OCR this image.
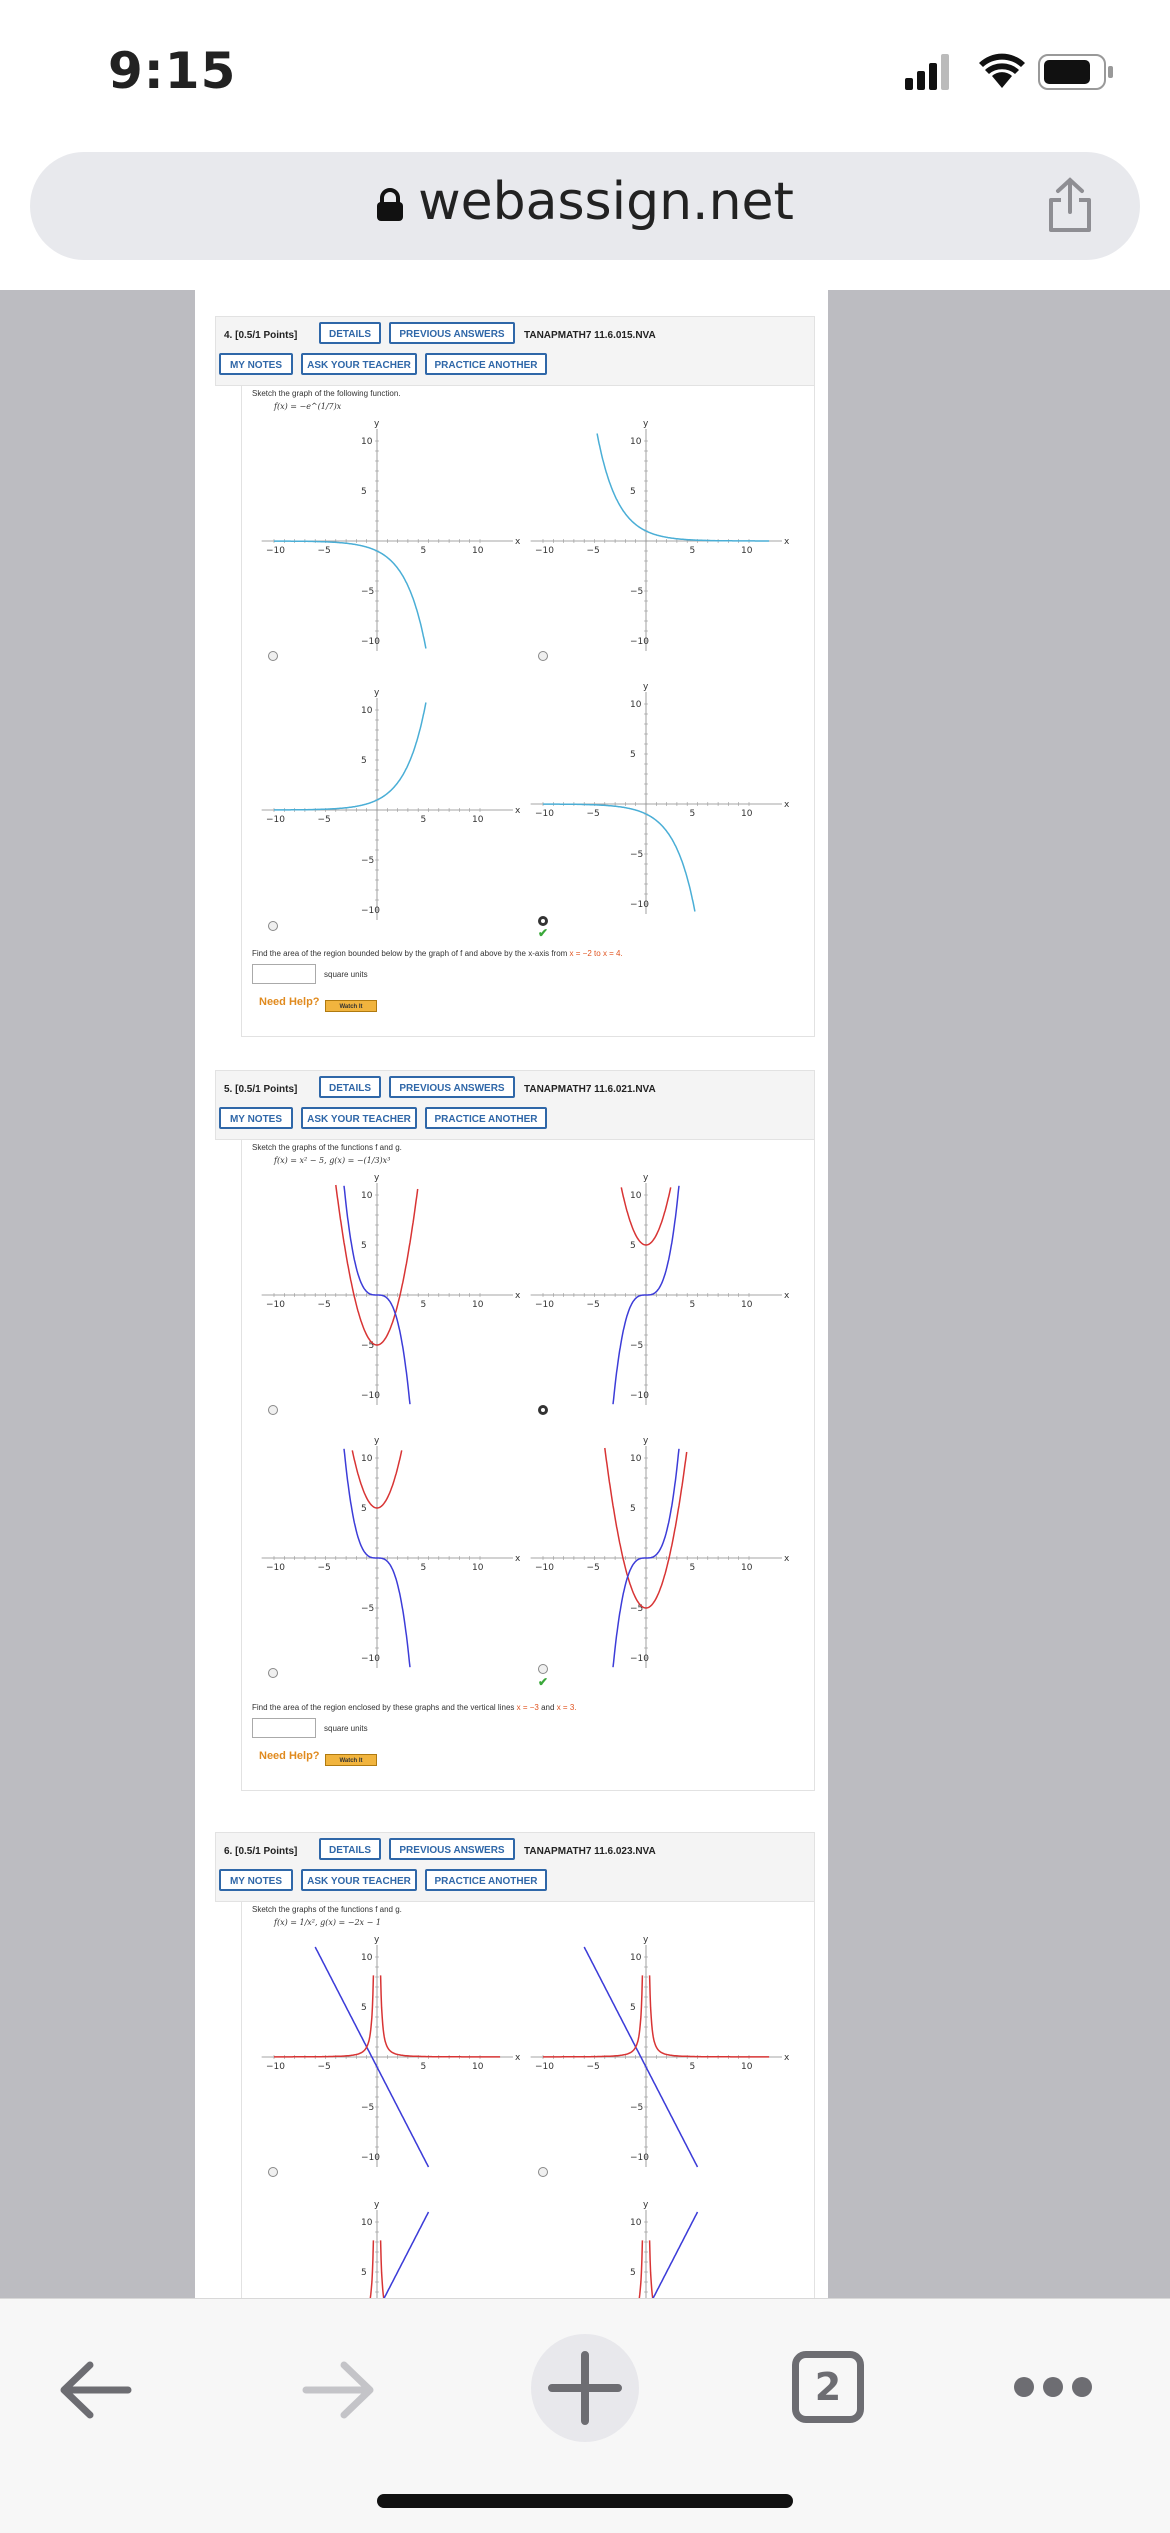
9:15
webassign.net
4. [0.5/1 Points]	DETAILS	PREVIOUS ANSWERS	TANAPMATH7 11.6.015.NVA
MY NOTES	ASK YOUR TEACHER	PRACTICE ANOTHER
Sketch the graph of the following function.
f(x) = −e^(1/7)x
−10	−5	5	10
10
5
−5
−10
x
y
−10	−5	5	10
10
5
−5
−10
x
y
−10	−5	5	10
10
5
−5
−10
x
y
−10	−5	5	10
10
5
−5
−10
x
y
✔
Find the area of the region bounded below by the graph of f and above by the x-axis from x = −2 to x = 4.
square units
Need Help?	Watch It
5. [0.5/1 Points]	DETAILS	PREVIOUS ANSWERS	TANAPMATH7 11.6.021.NVA
MY NOTES	ASK YOUR TEACHER	PRACTICE ANOTHER
Sketch the graphs of the functions f and g.
f(x) = x² − 5, g(x) = −(1/3)x³
−10	−5	5	10
10
5
−5
−10
x
y
−10	−5	5	10
10
5
−5
−10
x
y
−10	−5	5	10
10
5
−5
−10
x
y
−10	−5	5	10
10
5
−5
−10
x
y
✔
Find the area of the region enclosed by these graphs and the vertical lines x = −3 and x = 3.
square units
Need Help?	Watch It
6. [0.5/1 Points]	DETAILS	PREVIOUS ANSWERS	TANAPMATH7 11.6.023.NVA
MY NOTES	ASK YOUR TEACHER	PRACTICE ANOTHER
Sketch the graphs of the functions f and g.
f(x) = 1/x², g(x) = −2x − 1
−10	−5	5	10
10
5
−5
−10
x
y
−10	−5	5	10
10
5
−5
−10
x
y
10
5
y
10
5
y
2
